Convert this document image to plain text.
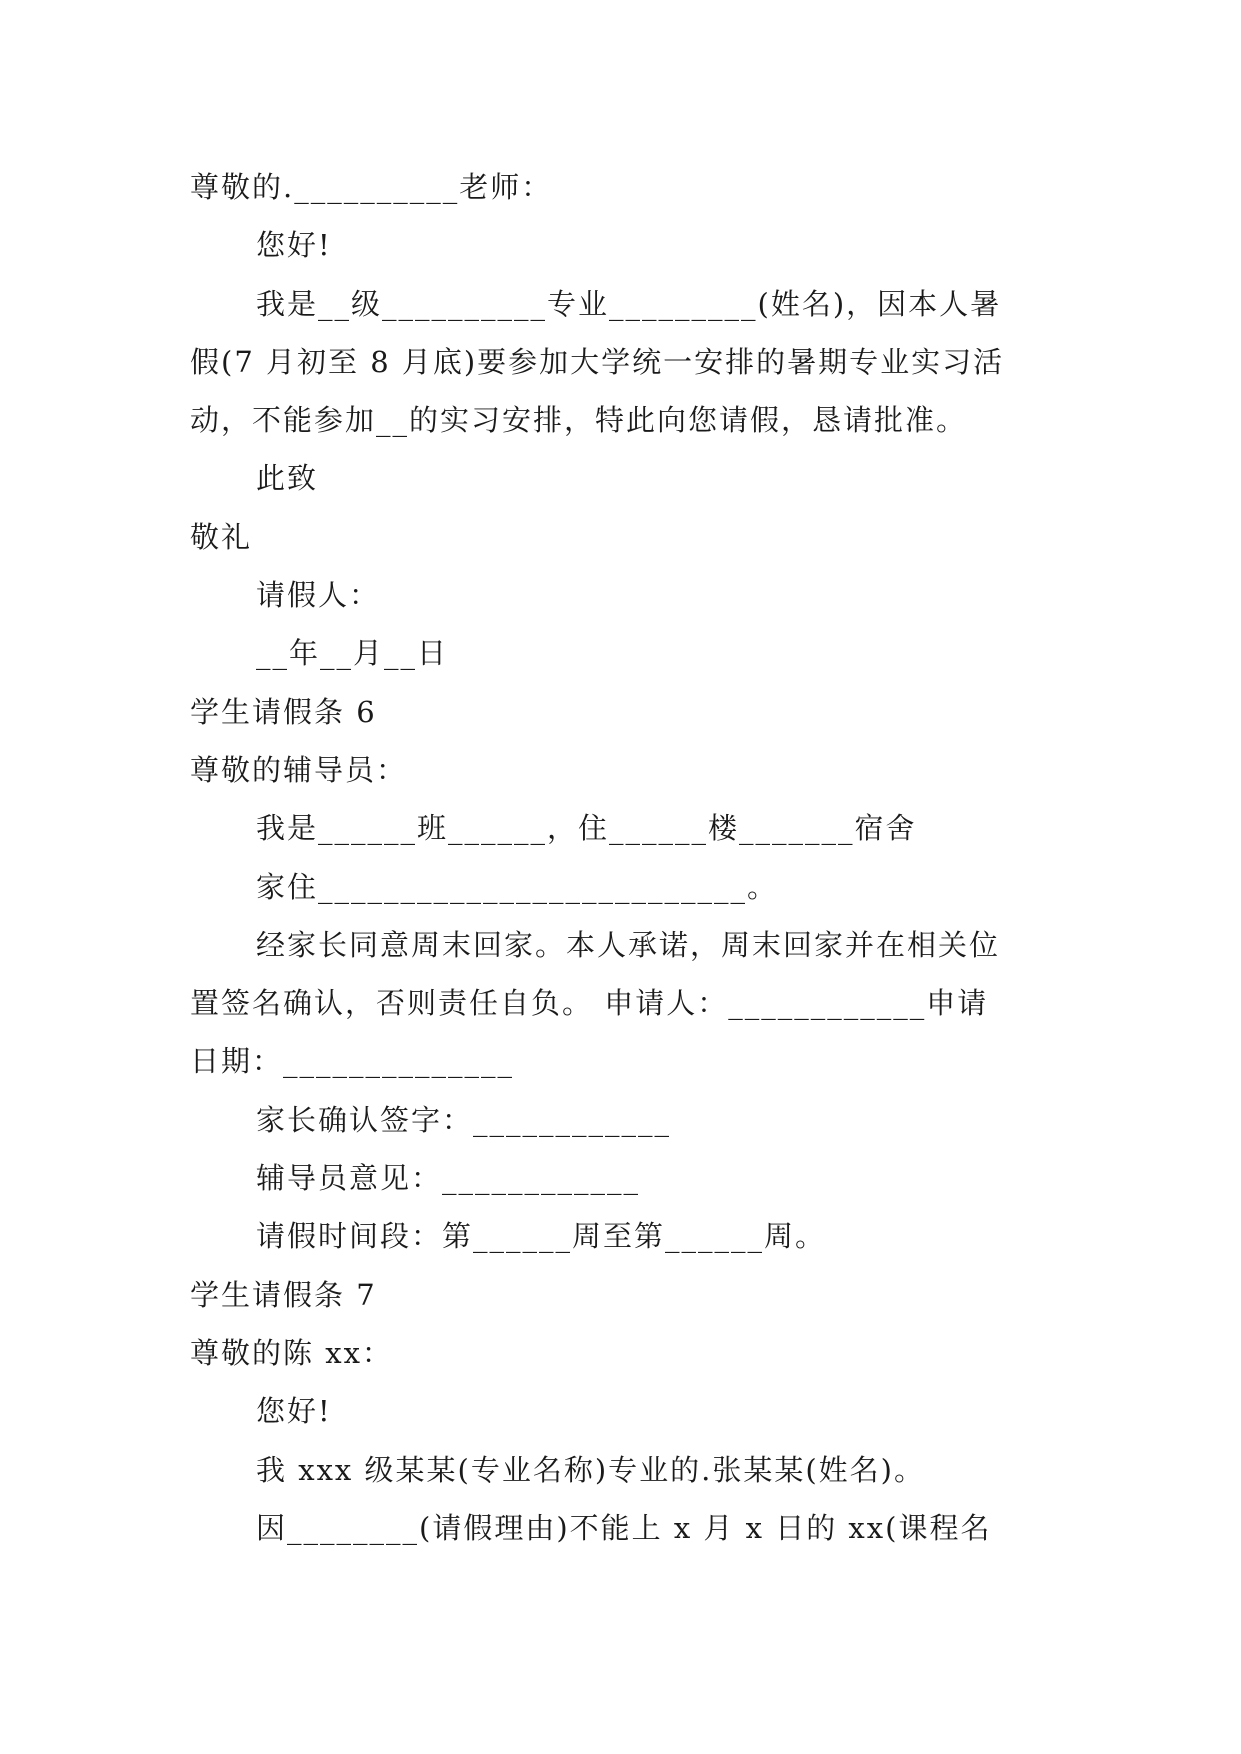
尊敬的.__________老师：
您好!
我是__级__________专业_________(姓名)，因本人暑
假(7 月初至 8 月底)要参加大学统一安排的暑期专业实习活
动，不能参加__的实习安排，特此向您请假，恳请批准。
此致
敬礼
请假人：
__年__月__日
学生请假条 6
尊敬的辅导员：
我是______班______，住______楼_______宿舍
家住__________________________。
经家长同意周末回家。本人承诺，周末回家并在相关位
置签名确认，否则责任自负。 申请人：____________申请
日期：______________
家长确认签字：____________
辅导员意见：____________
请假时间段：第______周至第______周。
学生请假条 7
尊敬的陈 xx：
您好!
我 xxx 级某某(专业名称)专业的.张某某(姓名)。
因________(请假理由)不能上 x 月 x 日的 xx(课程名
